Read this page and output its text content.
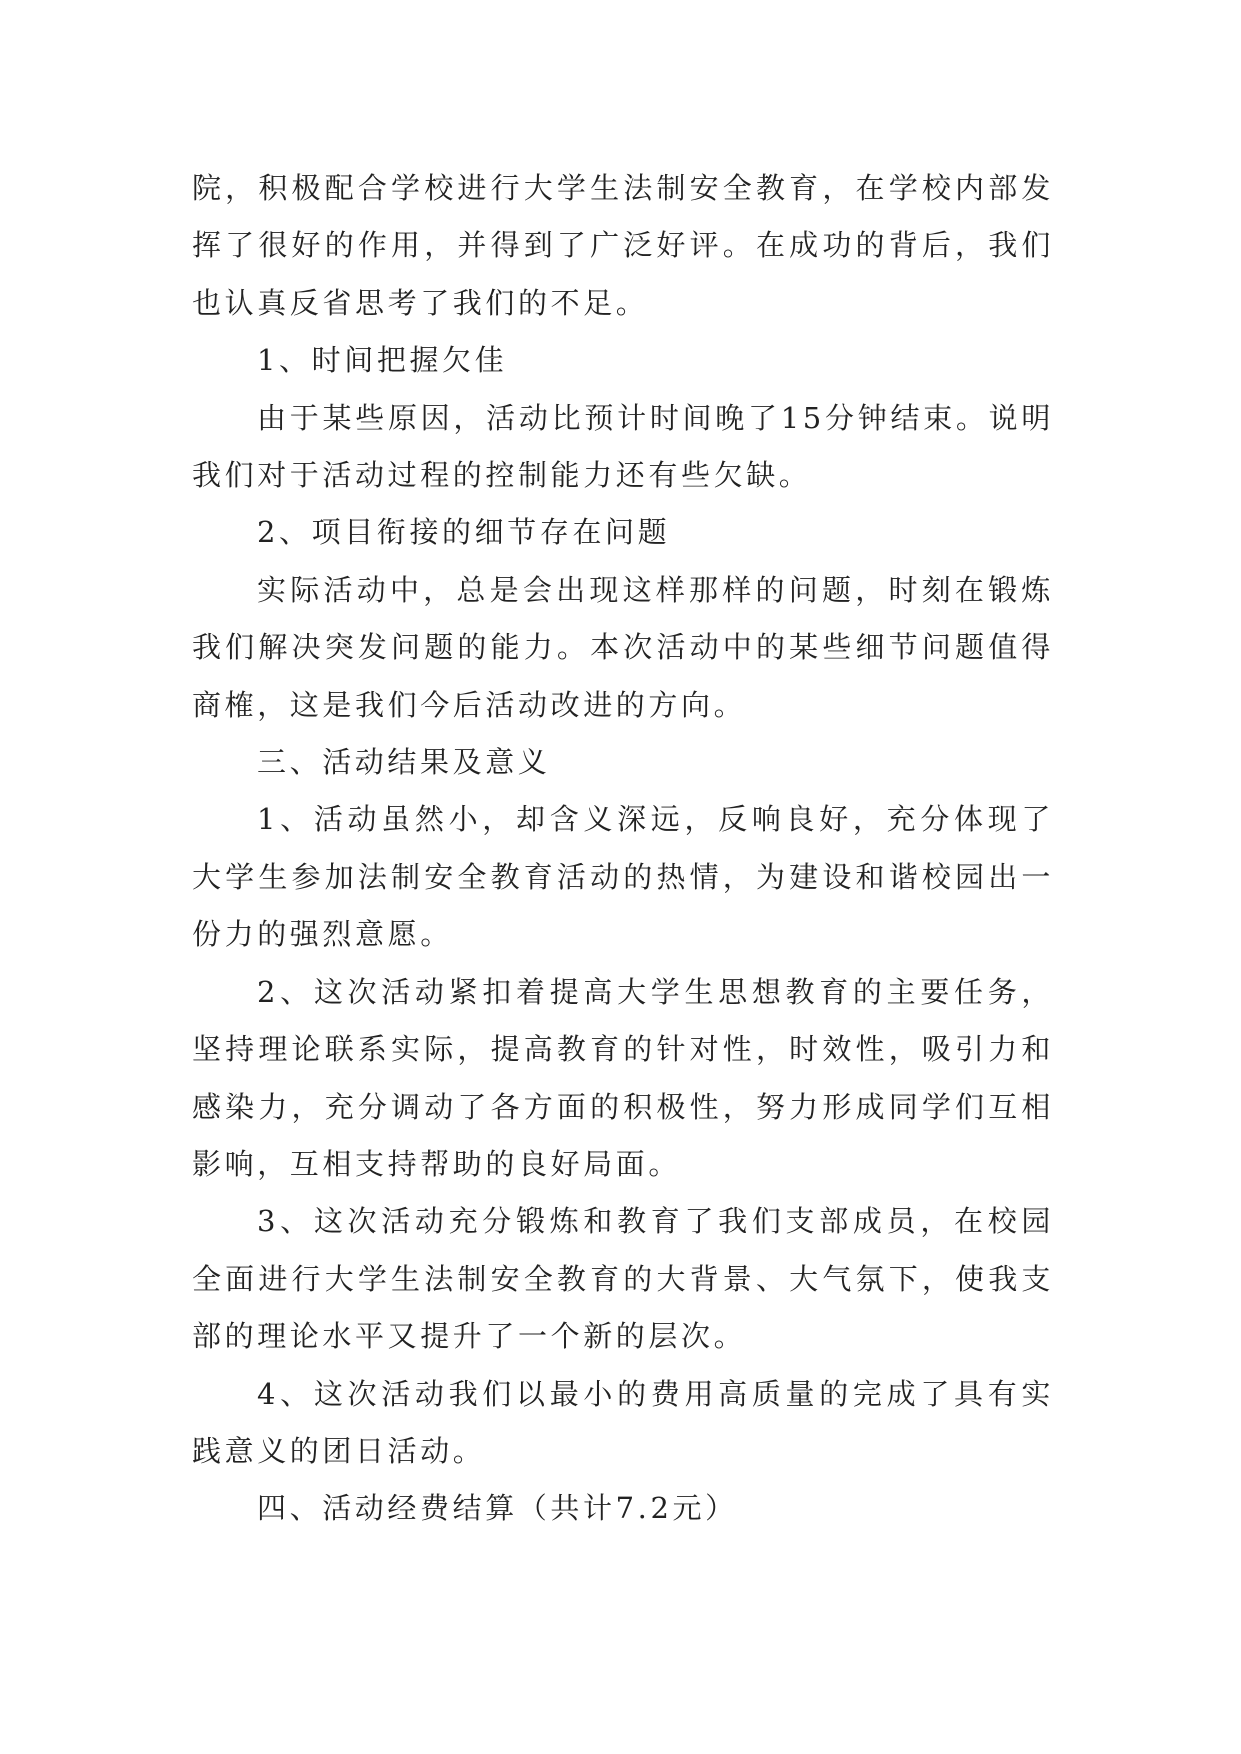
院，积极配合学校进行大学生法制安全教育，在学校内部发挥了很好的作用，并得到了广泛好评。在成功的背后，我们也认真反省思考了我们的不足。

1、时间把握欠佳

由于某些原因，活动比预计时间晚了15分钟结束。说明我们对于活动过程的控制能力还有些欠缺。

2、项目衔接的细节存在问题

实际活动中，总是会出现这样那样的问题，时刻在锻炼我们解决突发问题的能力。本次活动中的某些细节问题值得商榷，这是我们今后活动改进的方向。

三、活动结果及意义

1、活动虽然小，却含义深远，反响良好，充分体现了大学生参加法制安全教育活动的热情，为建设和谐校园出一份力的强烈意愿。

2、这次活动紧扣着提高大学生思想教育的主要任务，坚持理论联系实际，提高教育的针对性，时效性，吸引力和感染力，充分调动了各方面的积极性，努力形成同学们互相影响，互相支持帮助的良好局面。

3、这次活动充分锻炼和教育了我们支部成员，在校园全面进行大学生法制安全教育的大背景、大气氛下，使我支部的理论水平又提升了一个新的层次。

4、这次活动我们以最小的费用高质量的完成了具有实践意义的团日活动。

四、活动经费结算（共计7.2元）
